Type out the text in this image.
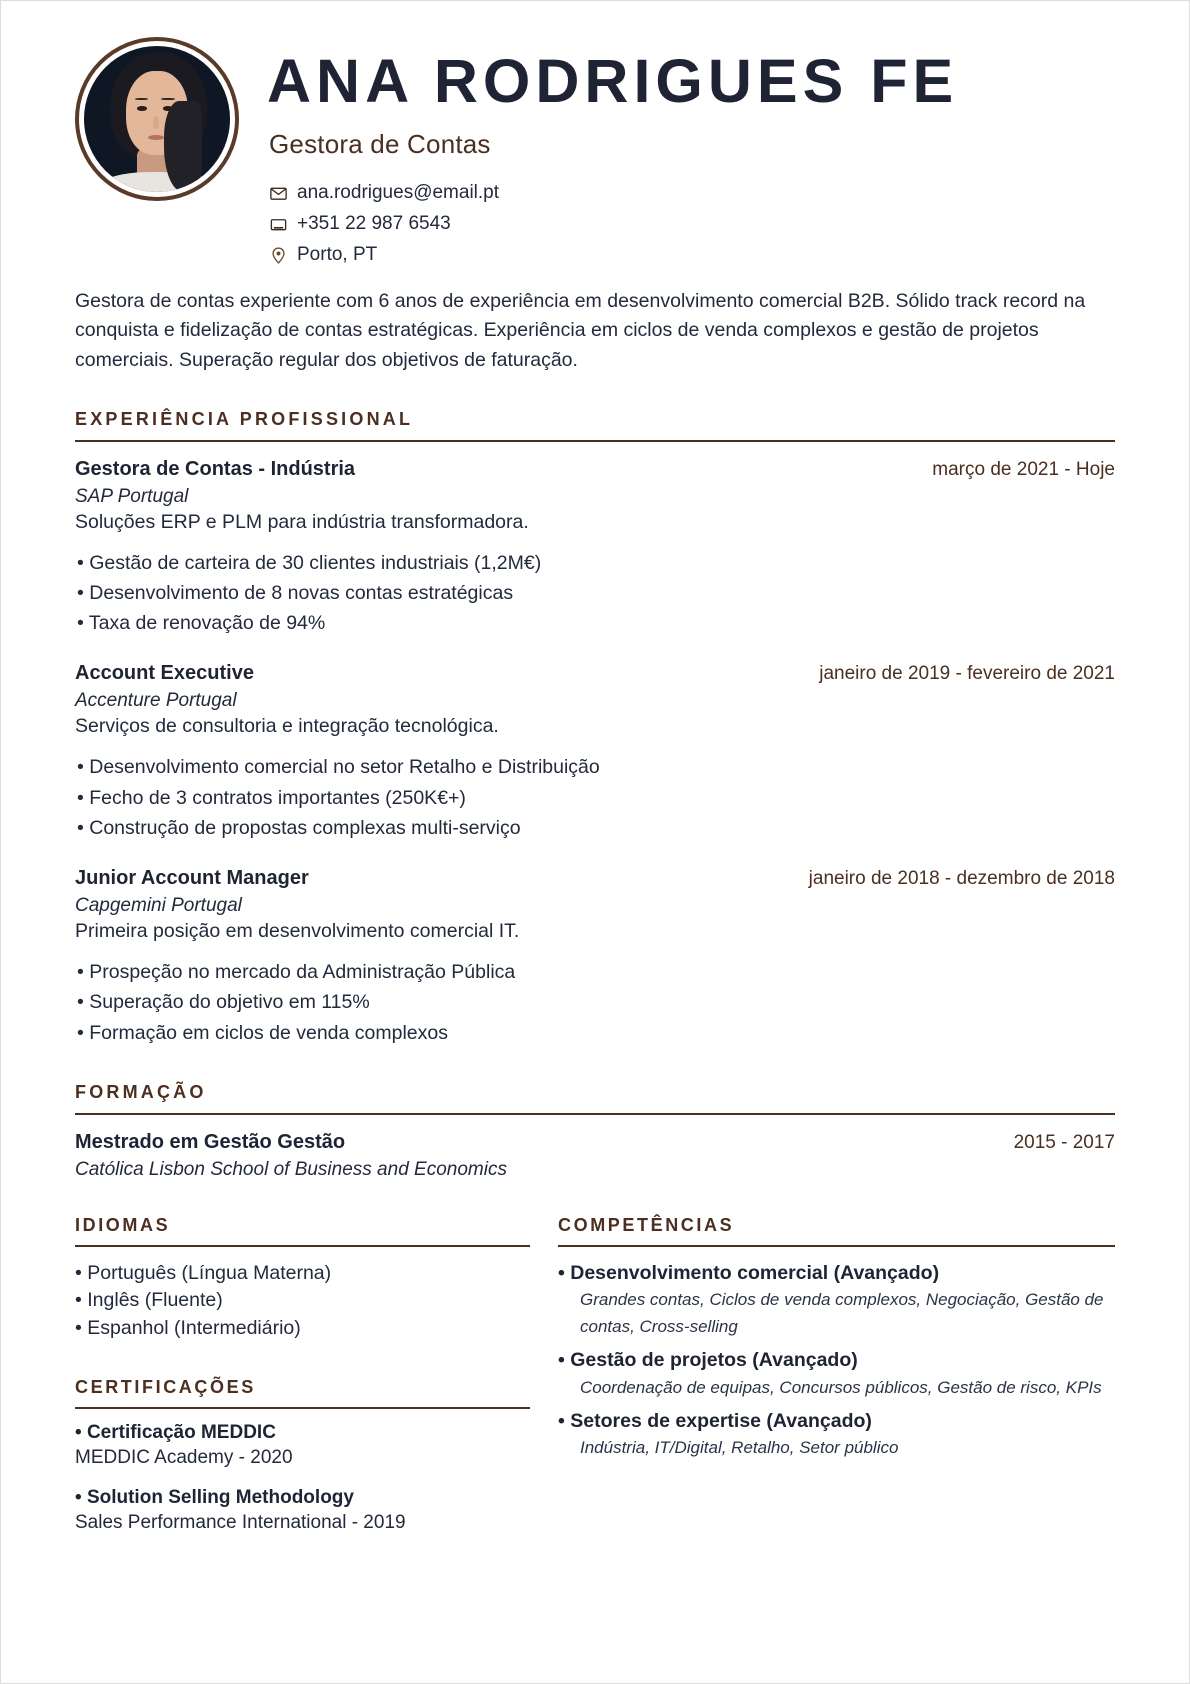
ANA RODRIGUES FE
Gestora de Contas
ana.rodrigues@email.pt
+351 22 987 6543
Porto, PT

Gestora de contas experiente com 6 anos de experiência em desenvolvimento comercial B2B. Sólido track record na conquista e fidelização de contas estratégicas. Experiência em ciclos de venda complexos e gestão de projetos comerciais. Superação regular dos objetivos de faturação.

EXPERIÊNCIA PROFISSIONAL
Gestora de Contas - Indústria	março de 2021 - Hoje
SAP Portugal
Soluções ERP e PLM para indústria transformadora.
• Gestão de carteira de 30 clientes industriais (1,2M€)
• Desenvolvimento de 8 novas contas estratégicas
• Taxa de renovação de 94%
Account Executive	janeiro de 2019 - fevereiro de 2021
Accenture Portugal
Serviços de consultoria e integração tecnológica.
• Desenvolvimento comercial no setor Retalho e Distribuição
• Fecho de 3 contratos importantes (250K€+)
• Construção de propostas complexas multi-serviço
Junior Account Manager	janeiro de 2018 - dezembro de 2018
Capgemini Portugal
Primeira posição em desenvolvimento comercial IT.
• Prospeção no mercado da Administração Pública
• Superação do objetivo em 115%
• Formação em ciclos de venda complexos
FORMAÇÃO
Mestrado em Gestão Gestão	2015 - 2017
Católica Lisbon School of Business and Economics
IDIOMAS
• Português (Língua Materna)
• Inglês (Fluente)
• Espanhol (Intermediário)
CERTIFICAÇÕES
• Certificação MEDDIC
MEDDIC Academy - 2020
• Solution Selling Methodology
Sales Performance International - 2019
COMPETÊNCIAS
• Desenvolvimento comercial (Avançado)
Grandes contas, Ciclos de venda complexos, Negociação, Gestão de contas, Cross-selling
• Gestão de projetos (Avançado)
Coordenação de equipas, Concursos públicos, Gestão de risco, KPIs
• Setores de expertise (Avançado)
Indústria, IT/Digital, Retalho, Setor público
